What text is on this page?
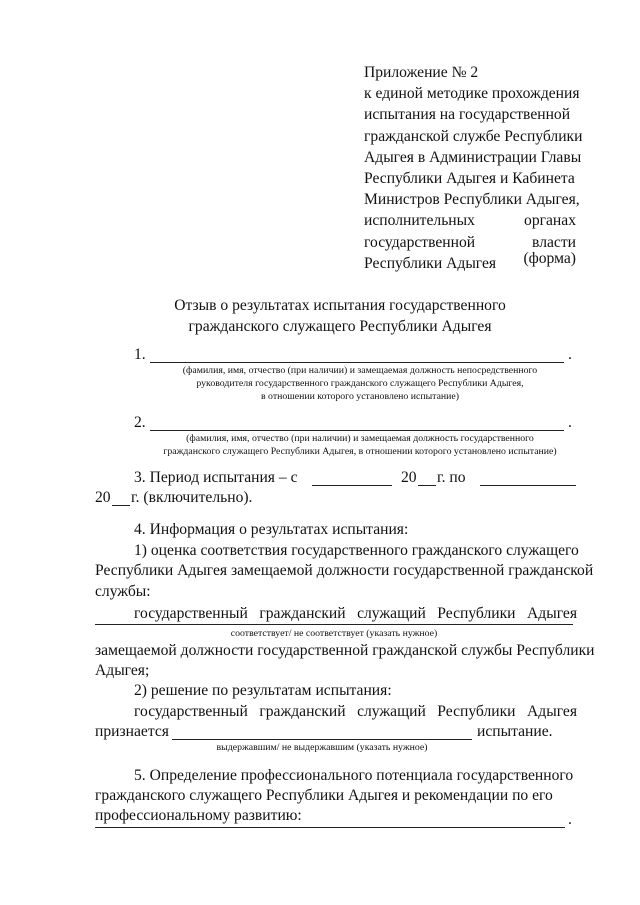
Приложение № 2
к единой методике прохождения
испытания на государственной
гражданской службе Республики
Адыгея в Администрации Главы
Республики Адыгея и Кабинета
Министров Республики Адыгея,
исполнительных	органах
государственной	власти
Республики Адыгея	(форма)
Отзыв о результатах испытания государственного
гражданского служащего Республики Адыгея
1.	.
(фамилия, имя, отчество (при наличии) и замещаемая должность непосредственного
руководителя государственного гражданского служащего Республики Адыгея,
в отношении которого установлено испытание)
2.	.
(фамилия, имя, отчество (при наличии) и замещаемая должность государственного
гражданского служащего Республики Адыгея, в отношении которого установлено испытание)
3. Период испытания – с	20 г. по
20 г. (включительно).
4. Информация о результатах испытания:
1) оценка соответствия государственного гражданского служащего
Республики Адыгея замещаемой должности государственной гражданской
службы:
государственный гражданский служащий Республики Адыгея
соответствует/ не соответствует (указать нужное)
замещаемой должности государственной гражданской службы Республики
Адыгея;
2) решение по результатам испытания:
государственный гражданский служащий Республики Адыгея
признается	испытание.
выдержавшим/ не выдержавшим (указать нужное)
5. Определение профессионального потенциала государственного
гражданского служащего Республики Адыгея и рекомендации по его
профессиональному развитию:	.
